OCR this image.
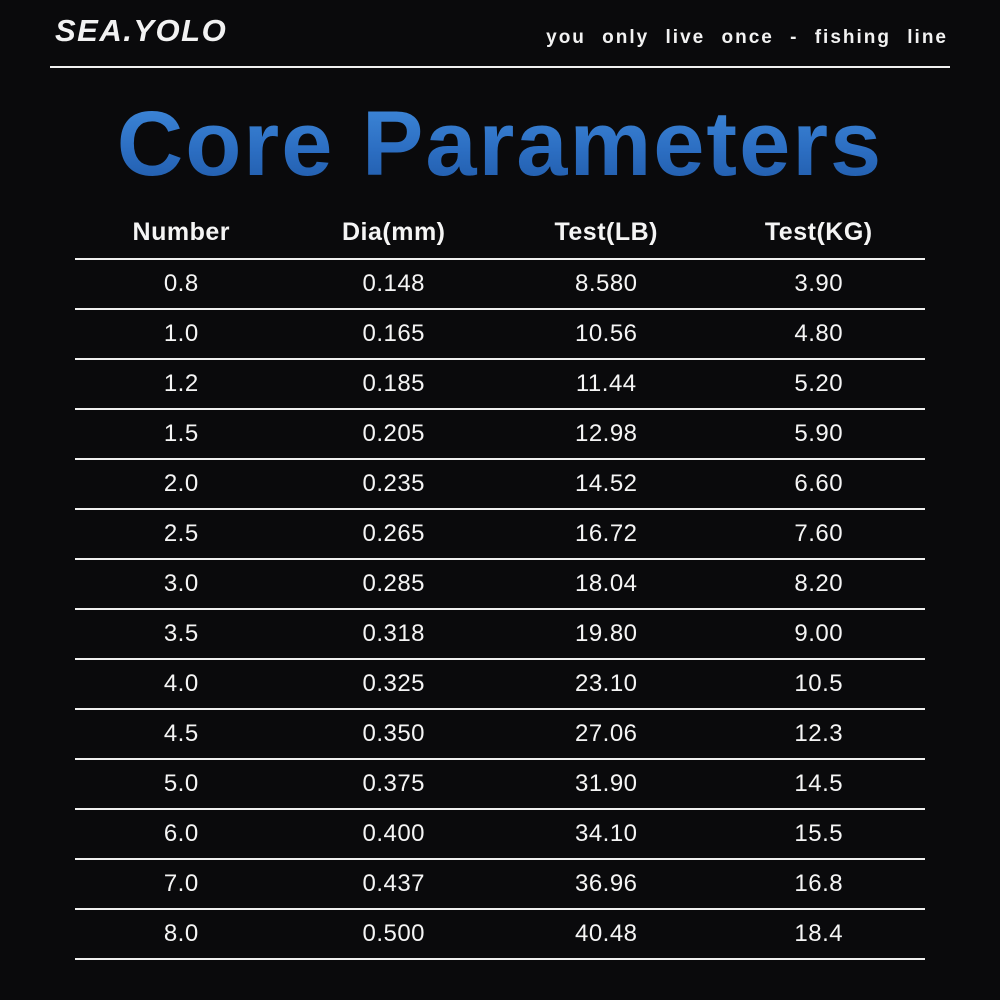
SEA.YOLO	you only live once - fishing line
Core Parameters
Number	Dia(mm)	Test(LB)	Test(KG)
0.8	0.148	8.580	3.90
1.0	0.165	10.56	4.80
1.2	0.185	11.44	5.20
1.5	0.205	12.98	5.90
2.0	0.235	14.52	6.60
2.5	0.265	16.72	7.60
3.0	0.285	18.04	8.20
3.5	0.318	19.80	9.00
4.0	0.325	23.10	10.5
4.5	0.350	27.06	12.3
5.0	0.375	31.90	14.5
6.0	0.400	34.10	15.5
7.0	0.437	36.96	16.8
8.0	0.500	40.48	18.4
